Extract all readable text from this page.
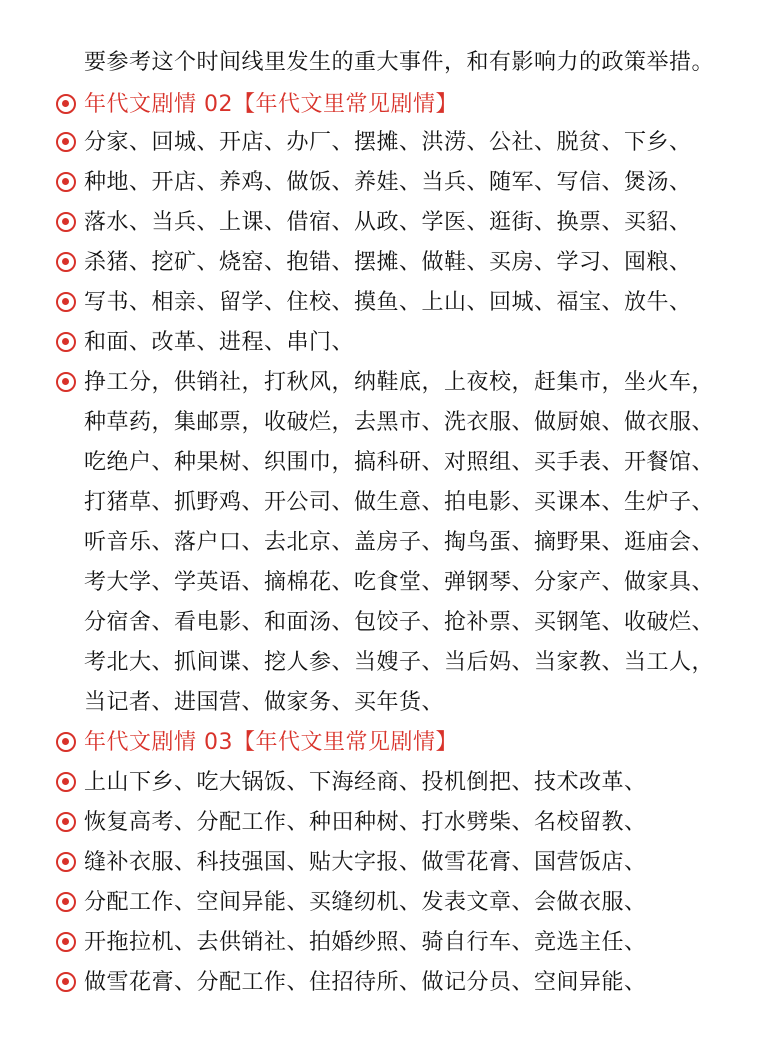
要参考这个时间线里发生的重大事件，和有影响力的政策举措。
年代文剧情 02【年代文里常见剧情】
分家、回城、开店、办厂、摆摊、洪涝、公社、脱贫、下乡、
种地、开店、养鸡、做饭、养娃、当兵、随军、写信、煲汤、
落水、当兵、上课、借宿、从政、学医、逛街、换票、买貂、
杀猪、挖矿、烧窑、抱错、摆摊、做鞋、买房、学习、囤粮、
写书、相亲、留学、住校、摸鱼、上山、回城、福宝、放牛、
和面、改革、进程、串门、
挣工分，供销社，打秋风，纳鞋底，上夜校，赶集市，坐火车，
种草药，集邮票，收破烂，去黑市、洗衣服、做厨娘、做衣服、
吃绝户、种果树、织围巾，搞科研、对照组、买手表、开餐馆、
打猪草、抓野鸡、开公司、做生意、拍电影、买课本、生炉子、
听音乐、落户口、去北京、盖房子、掏鸟蛋、摘野果、逛庙会、
考大学、学英语、摘棉花、吃食堂、弹钢琴、分家产、做家具、
分宿舍、看电影、和面汤、包饺子、抢补票、买钢笔、收破烂、
考北大、抓间谍、挖人参、当嫂子、当后妈、当家教、当工人，
当记者、进国营、做家务、买年货、
年代文剧情 03【年代文里常见剧情】
上山下乡、吃大锅饭、下海经商、投机倒把、技术改革、
恢复高考、分配工作、种田种树、打水劈柴、名校留教、
缝补衣服、科技强国、贴大字报、做雪花膏、国营饭店、
分配工作、空间异能、买缝纫机、发表文章、会做衣服、
开拖拉机、去供销社、拍婚纱照、骑自行车、竞选主任、
做雪花膏、分配工作、住招待所、做记分员、空间异能、
